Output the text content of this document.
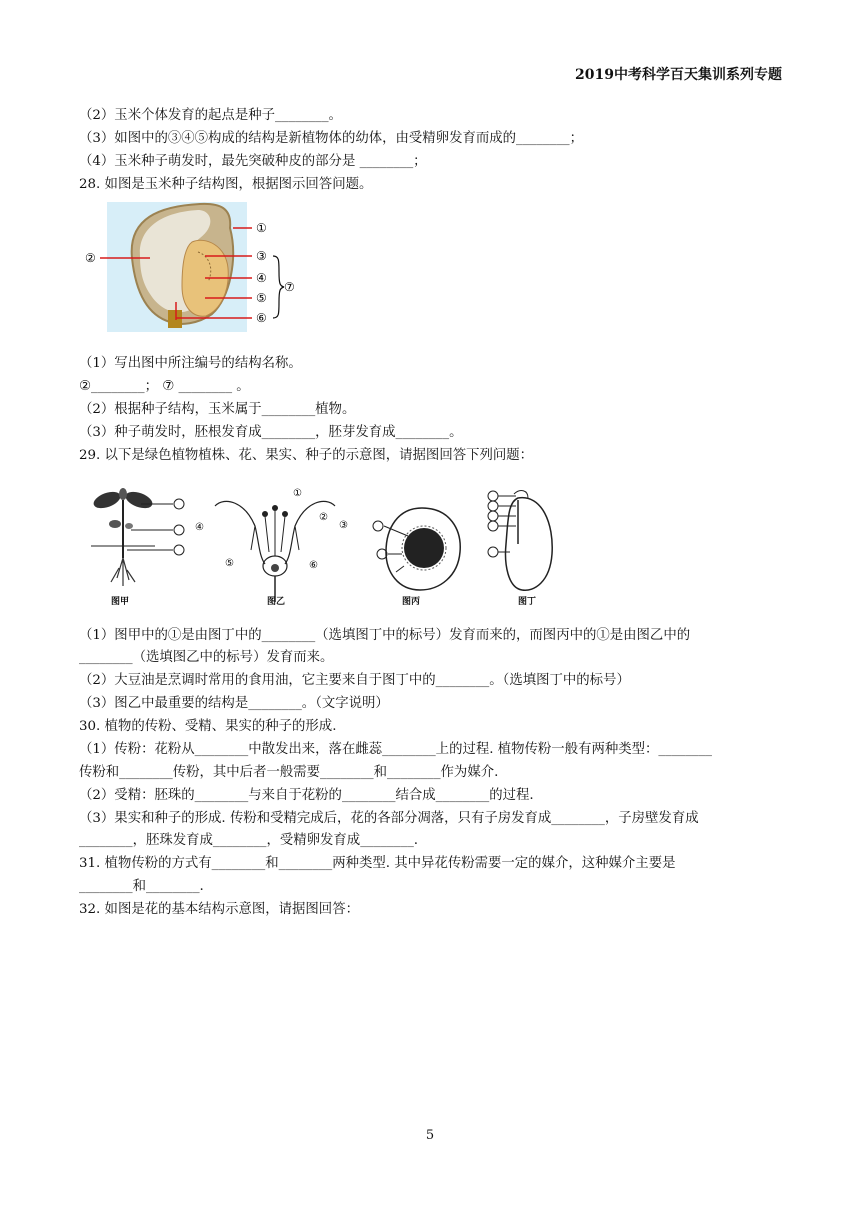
2019中考科学百天集训系列专题
（2）玉米个体发育的起点是种子________。
（3）如图中的③④⑤构成的结构是新植物体的幼体，由受精卵发育而成的________；
（4）玉米种子萌发时，最先突破种皮的部分是 ________；
28. 如图是玉米种子结构图，根据图示回答问题。
①
②	③
④
⑤
⑥
⑦
（1）写出图中所注编号的结构名称。
②________； ⑦ ________ 。
（2）根据种子结构，玉米属于________植物。
（3）种子萌发时，胚根发育成________，胚芽发育成________。
29. 以下是绿色植物植株、花、果实、种子的示意图，请据图回答下列问题：
图甲
①
②
③
④
⑤	⑥
图乙	图丙	图丁
（1）图甲中的①是由图丁中的________（选填图丁中的标号）发育而来的，而图丙中的①是由图乙中的
________（选填图乙中的标号）发育而来。
（2）大豆油是烹调时常用的食用油，它主要来自于图丁中的________。（选填图丁中的标号）
（3）图乙中最重要的结构是________。（文字说明）
30. 植物的传粉、受精、果实的种子的形成.
（1）传粉：花粉从________中散发出来，落在雌蕊________上的过程. 植物传粉一般有两种类型：________
传粉和________传粉，其中后者一般需要________和________作为媒介.
（2）受精：胚珠的________与来自于花粉的________结合成________的过程.
（3）果实和种子的形成. 传粉和受精完成后，花的各部分凋落，只有子房发育成________，子房壁发育成
________，胚珠发育成________，受精卵发育成________.
31. 植物传粉的方式有________和________两种类型. 其中异花传粉需要一定的媒介，这种媒介主要是
________和________.
32. 如图是花的基本结构示意图，请据图回答：
5
